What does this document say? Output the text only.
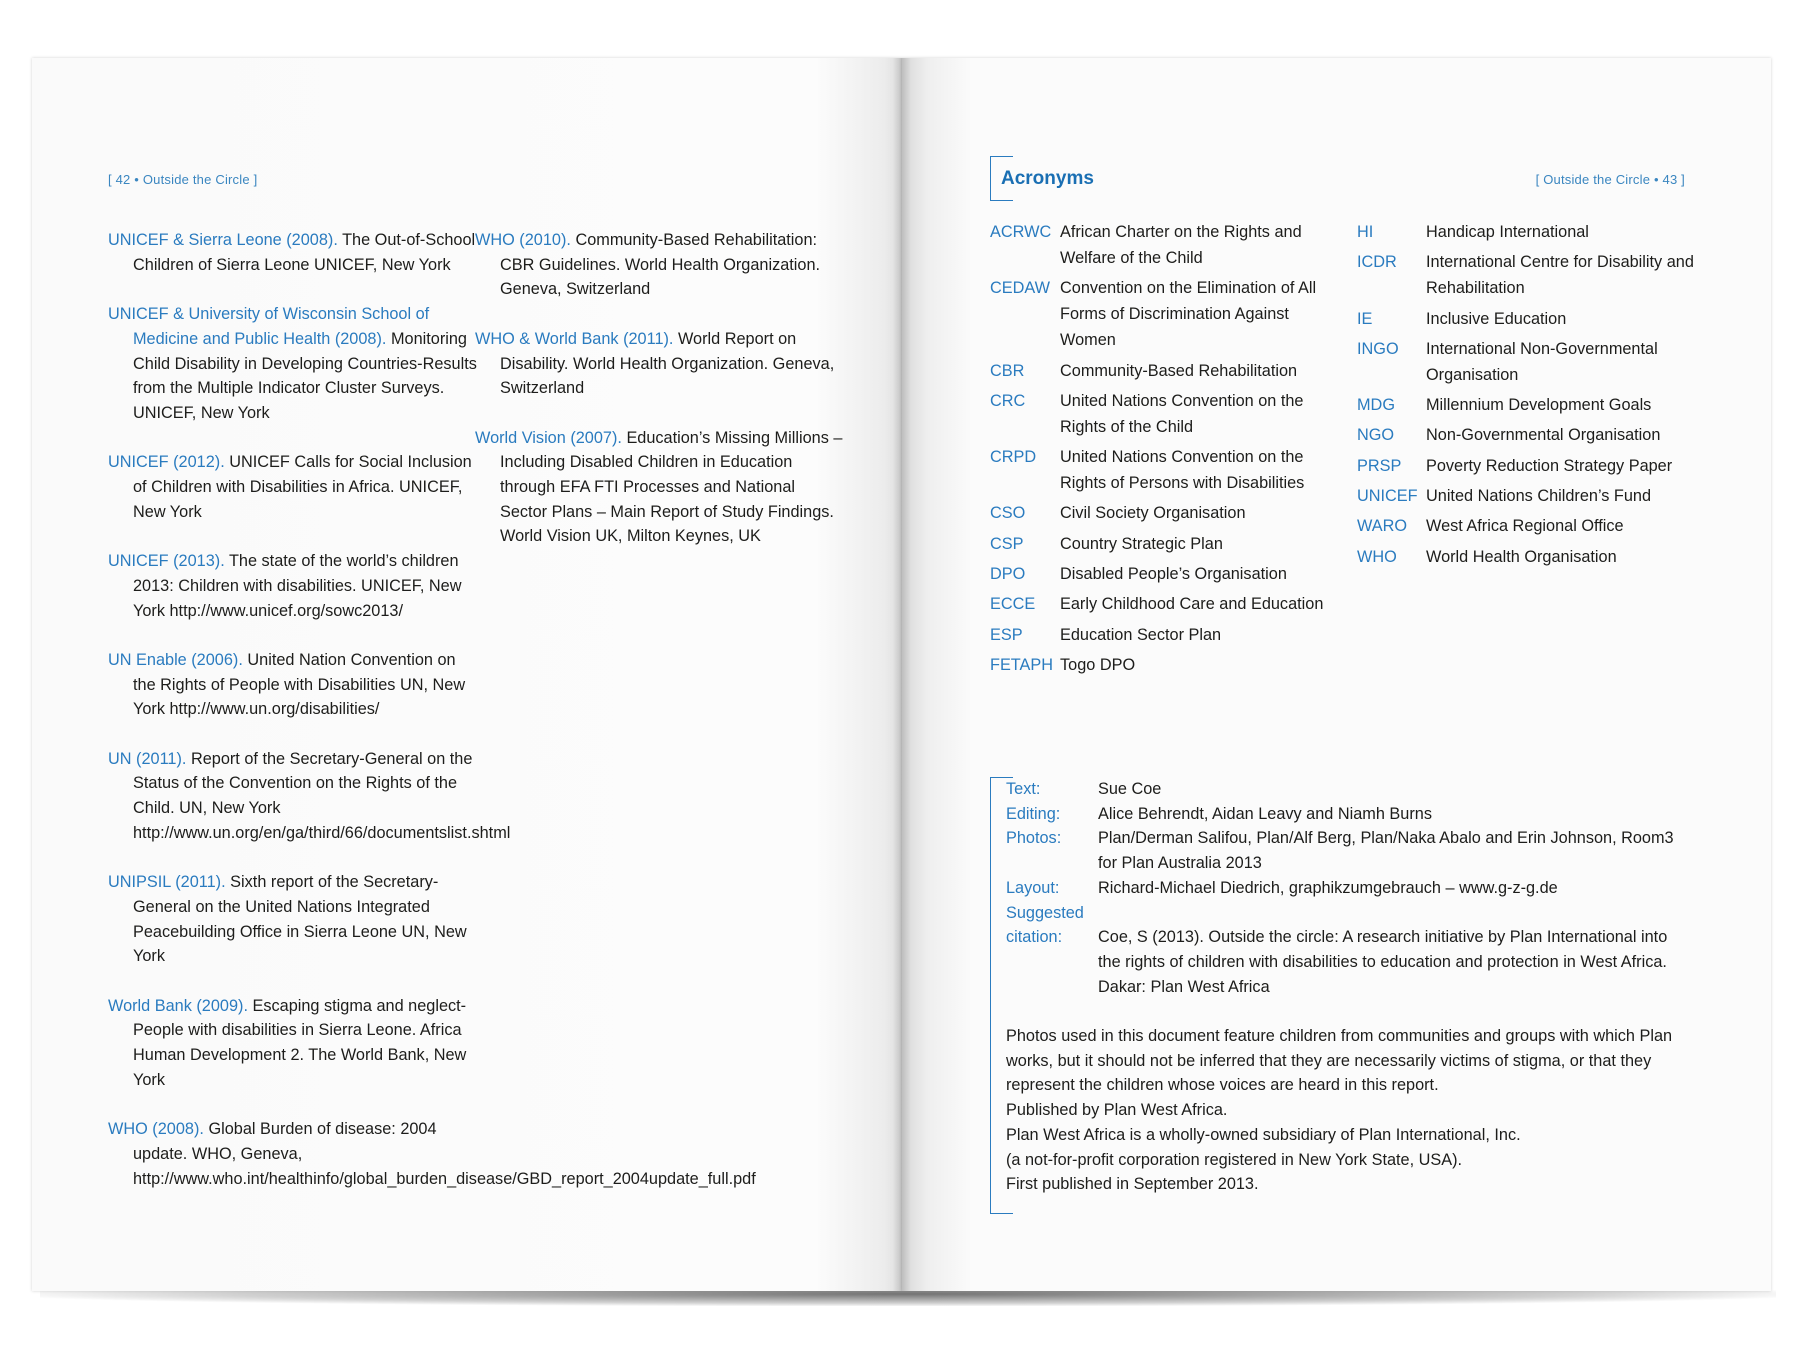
[ 42 • Outside the Circle ]

UNICEF & Sierra Leone (2008). The Out-of-School Children of Sierra Leone UNICEF, New York

UNICEF & University of Wisconsin School of Medicine and Public Health (2008). Monitoring Child Disability in Developing Countries-Results from the Multiple Indicator Cluster Surveys. UNICEF, New York

UNICEF (2012). UNICEF Calls for Social Inclusion of Children with Disabilities in Africa. UNICEF, New York

UNICEF (2013). The state of the world’s children 2013: Children with disabilities. UNICEF, New York http://www.unicef.org/sowc2013/

UN Enable (2006). United Nation Convention on the Rights of People with Disabilities UN, New York http://www.un.org/disabilities/

UN (2011). Report of the Secretary-General on the Status of the Convention on the Rights of the Child. UN, New York http://www.un.org/en/ga/third/66/documentslist.shtml

UNIPSIL (2011). Sixth report of the Secretary-General on the United Nations Integrated Peacebuilding Office in Sierra Leone UN, New York

World Bank (2009). Escaping stigma and neglect- People with disabilities in Sierra Leone. Africa Human Development 2. The World Bank, New York

WHO (2008). Global Burden of disease: 2004 update. WHO, Geneva, http://www.who.int/healthinfo/global_burden_disease/GBD_report_2004update_full.pdf

WHO (2010). Community-Based Rehabilitation: CBR Guidelines. World Health Organization. Geneva, Switzerland

WHO & World Bank (2011). World Report on Disability. World Health Organization. Geneva, Switzerland

World Vision (2007). Education’s Missing Millions – Including Disabled Children in Education through EFA FTI Processes and National Sector Plans – Main Report of Study Findings. World Vision UK, Milton Keynes, UK

[ Outside the Circle • 43 ]
Acronyms
ACRWC African Charter on the Rights and Welfare of the Child
CEDAW Convention on the Elimination of All Forms of Discrimination Against Women
CBR	Community-Based Rehabilitation
CRC	United Nations Convention on the Rights of the Child
CRPD	United Nations Convention on the Rights of Persons with Disabilities
CSO	Civil Society Organisation
CSP	Country Strategic Plan
DPO	Disabled People’s Organisation
ECCE	Early Childhood Care and Education
ESP	Education Sector Plan
FETAPH Togo DPO
HI	Handicap International
ICDR	International Centre for Disability and Rehabilitation
IE	Inclusive Education
INGO	International Non-Governmental Organisation
MDG	Millennium Development Goals
NGO	Non-Governmental Organisation
PRSP	Poverty Reduction Strategy Paper
UNICEF United Nations Children’s Fund
WARO	West Africa Regional Office
WHO	World Health Organisation
Text:	Sue Coe
Editing:	Alice Behrendt, Aidan Leavy and Niamh Burns
Photos:	Plan/Derman Salifou, Plan/Alf Berg, Plan/Naka Abalo and Erin Johnson, Room3 for Plan Australia 2013
Layout:	Richard-Michael Diedrich, graphikzumgebrauch – www.g-z-g.de
Suggested
citation:	Coe, S (2013). Outside the circle: A research initiative by Plan International into the rights of children with disabilities to education and protection in West Africa. Dakar: Plan West Africa

Photos used in this document feature children from communities and groups with which Plan works, but it should not be inferred that they are necessarily victims of stigma, or that they represent the children whose voices are heard in this report.

Published by Plan West Africa.

Plan West Africa is a wholly-owned subsidiary of Plan International, Inc.

(a not-for-profit corporation registered in New York State, USA).

First published in September 2013.
